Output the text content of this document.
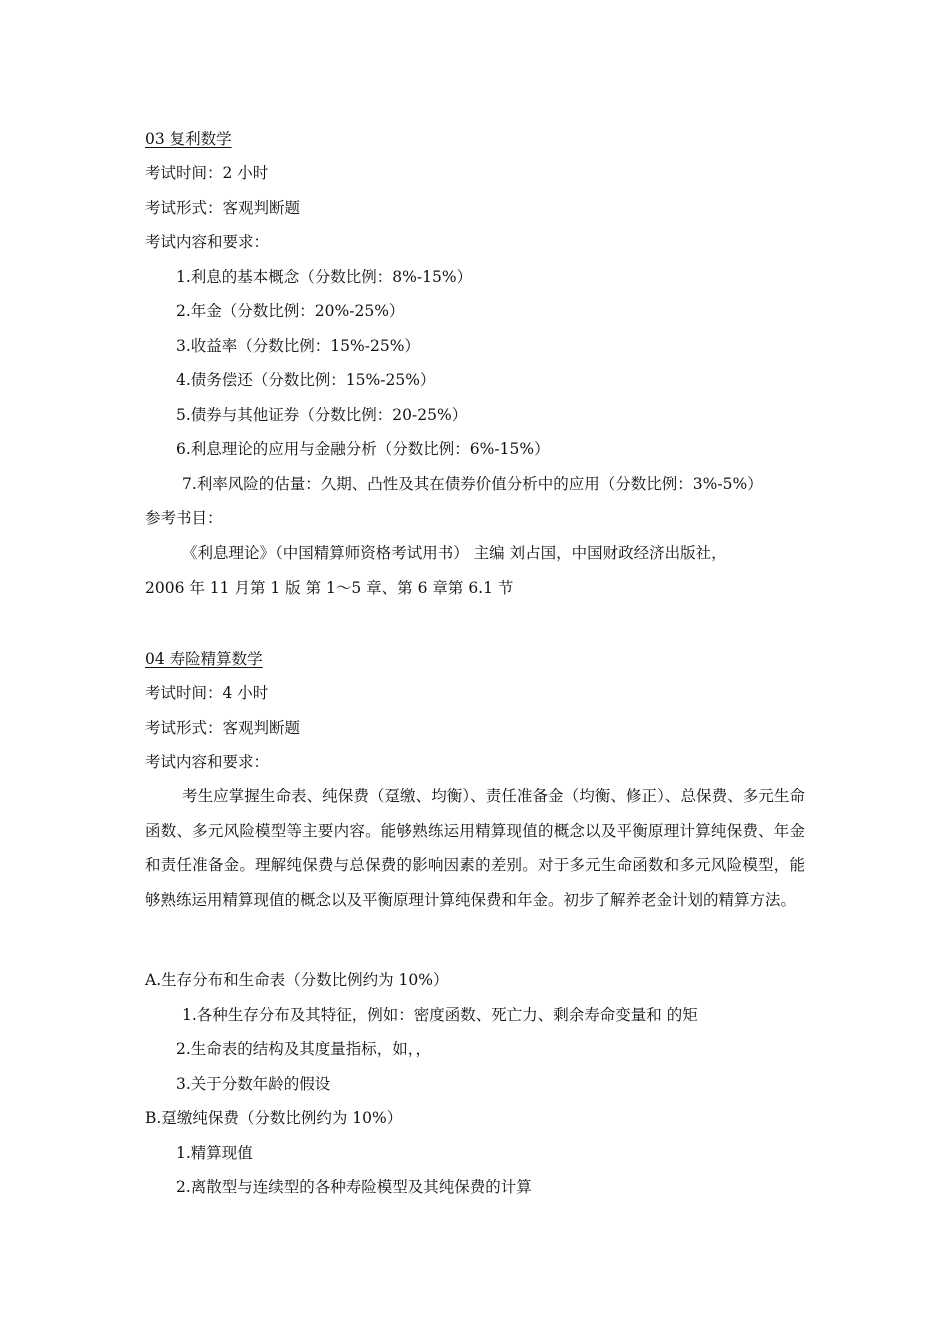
03 复利数学
考试时间：2 小时
考试形式：客观判断题
考试内容和要求：
1.利息的基本概念（分数比例：8%-15%）
2.年金（分数比例：20%-25%）
3.收益率（分数比例：15%-25%）
4.债务偿还（分数比例：15%-25%）
5.债券与其他证券（分数比例：20-25%）
6.利息理论的应用与金融分析（分数比例：6%-15%）
7.利率风险的估量：久期、凸性及其在债券价值分析中的应用（分数比例：3%-5%）
参考书目：
《利息理论》（中国精算师资格考试用书） 主编 刘占国，中国财政经济出版社，
2006 年 11 月第 1 版 第 1～5 章、第 6 章第 6.1 节
04 寿险精算数学
考试时间：4 小时
考试形式：客观判断题
考试内容和要求：
考生应掌握生命表、纯保费（趸缴、均衡）、责任准备金（均衡、修正）、总保费、多元生命函数、多元风险模型等主要内容。能够熟练运用精算现值的概念以及平衡原理计算纯保费、年金和责任准备金。理解纯保费与总保费的影响因素的差别。对于多元生命函数和多元风险模型，能够熟练运用精算现值的概念以及平衡原理计算纯保费和年金。初步了解养老金计划的精算方法。
A.生存分布和生命表（分数比例约为 10%）
1.各种生存分布及其特征，例如：密度函数、死亡力、剩余寿命变量和 的矩
2.生命表的结构及其度量指标，如，，
3.关于分数年龄的假设
B.趸缴纯保费（分数比例约为 10%）
1.精算现值
2.离散型与连续型的各种寿险模型及其纯保费的计算
